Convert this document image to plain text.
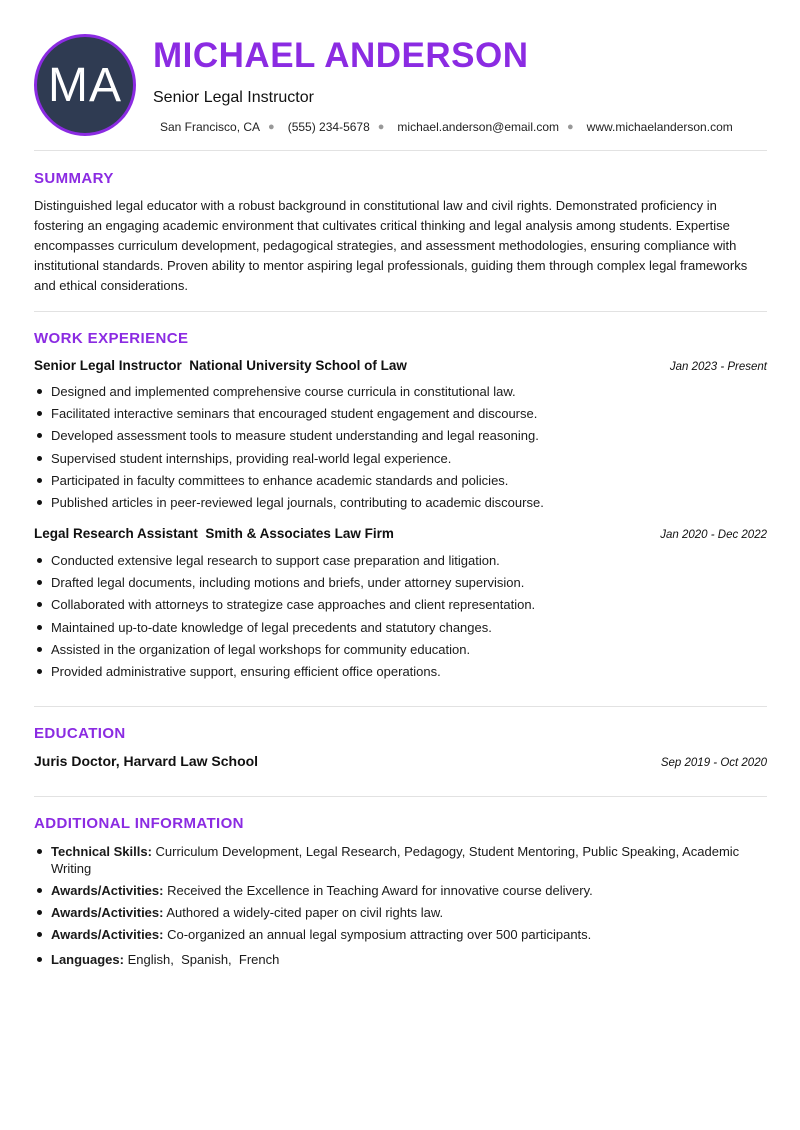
MA
MICHAEL ANDERSON
Senior Legal Instructor
San Francisco, CA ● (555) 234-5678 ● michael.anderson@email.com ● www.michaelanderson.com
SUMMARY
Distinguished legal educator with a robust background in constitutional law and civil rights. Demonstrated proficiency in fostering an engaging academic environment that cultivates critical thinking and legal analysis among students. Expertise encompasses curriculum development, pedagogical strategies, and assessment methodologies, ensuring compliance with institutional standards. Proven ability to mentor aspiring legal professionals, guiding them through complex legal frameworks and ethical considerations.
WORK EXPERIENCE
Senior Legal Instructor National University School of Law	Jan 2023 - Present
Designed and implemented comprehensive course curricula in constitutional law.
Facilitated interactive seminars that encouraged student engagement and discourse.
Developed assessment tools to measure student understanding and legal reasoning.
Supervised student internships, providing real-world legal experience.
Participated in faculty committees to enhance academic standards and policies.
Published articles in peer-reviewed legal journals, contributing to academic discourse.
Legal Research Assistant Smith & Associates Law Firm	Jan 2020 - Dec 2022
Conducted extensive legal research to support case preparation and litigation.
Drafted legal documents, including motions and briefs, under attorney supervision.
Collaborated with attorneys to strategize case approaches and client representation.
Maintained up-to-date knowledge of legal precedents and statutory changes.
Assisted in the organization of legal workshops for community education.
Provided administrative support, ensuring efficient office operations.
EDUCATION
Juris Doctor, Harvard Law School	Sep 2019 - Oct 2020
ADDITIONAL INFORMATION
Technical Skills: Curriculum Development, Legal Research, Pedagogy, Student Mentoring, Public Speaking, Academic Writing
Awards/Activities: Received the Excellence in Teaching Award for innovative course delivery.
Awards/Activities: Authored a widely-cited paper on civil rights law.
Awards/Activities: Co-organized an annual legal symposium attracting over 500 participants.
Languages: English,  Spanish,  French
